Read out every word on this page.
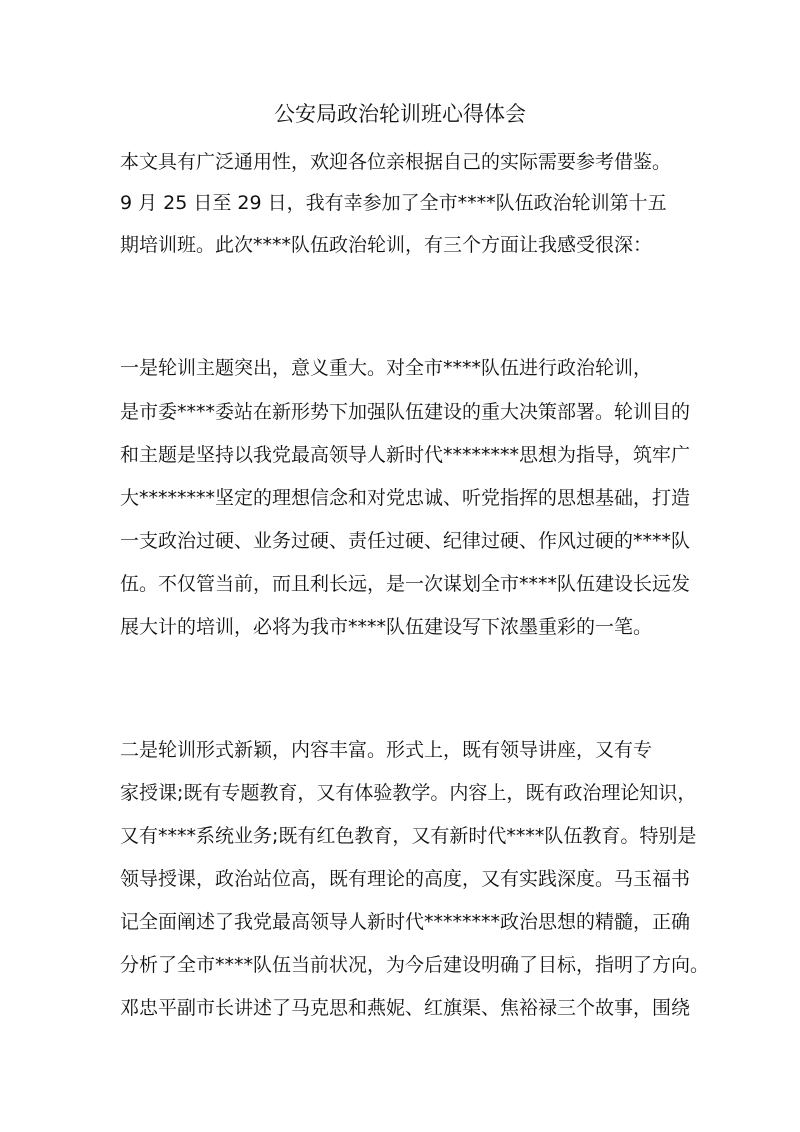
公安局政治轮训班心得体会
本文具有广泛通用性，欢迎各位亲根据自己的实际需要参考借鉴。
9 月 25 日至 29 日，我有幸参加了全市****队伍政治轮训第十五
期培训班。此次****队伍政治轮训，有三个方面让我感受很深：
一是轮训主题突出，意义重大。对全市****队伍进行政治轮训，
是市委****委站在新形势下加强队伍建设的重大决策部署。轮训目的
和主题是坚持以我党最高领导人新时代********思想为指导，筑牢广
大********坚定的理想信念和对党忠诚、听党指挥的思想基础，打造
一支政治过硬、业务过硬、责任过硬、纪律过硬、作风过硬的****队
伍。不仅管当前，而且利长远，是一次谋划全市****队伍建设长远发
展大计的培训，必将为我市****队伍建设写下浓墨重彩的一笔。
二是轮训形式新颖，内容丰富。形式上，既有领导讲座，又有专
家授课;既有专题教育，又有体验教学。内容上，既有政治理论知识，
又有****系统业务;既有红色教育，又有新时代****队伍教育。特别是
领导授课，政治站位高，既有理论的高度，又有实践深度。马玉福书
记全面阐述了我党最高领导人新时代********政治思想的精髓，正确
分析了全市****队伍当前状况，为今后建设明确了目标，指明了方向。
邓忠平副市长讲述了马克思和燕妮、红旗渠、焦裕禄三个故事，围绕
